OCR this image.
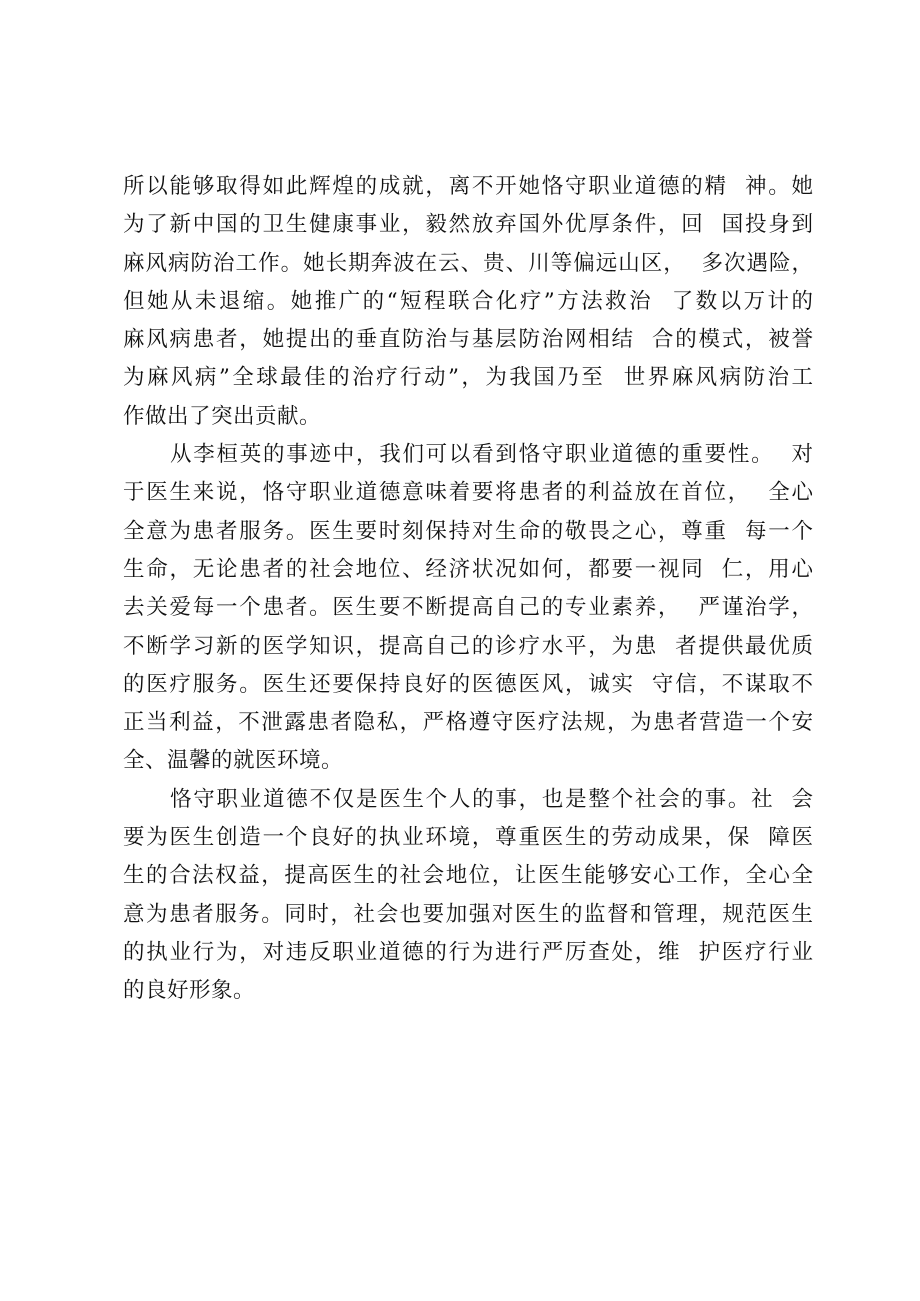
所以能够取得如此辉煌的成就，离不开她恪守职业道德的精  神。她
为了新中国的卫生健康事业，毅然放弃国外优厚条件，回  国投身到
麻风病防治工作。她长期奔波在云、贵、川等偏远山区，  多次遇险，
但她从未退缩。她推广的“短程联合化疗”方法救治  了数以万计的
麻风病患者，她提出的垂直防治与基层防治网相结  合的模式，被誉
为麻风病”全球最佳的治疗行动”，为我国乃至  世界麻风病防治工
作做出了突出贡献。
从李桓英的事迹中，我们可以看到恪守职业道德的重要性。  对
于医生来说，恪守职业道德意味着要将患者的利益放在首位，  全心
全意为患者服务。医生要时刻保持对生命的敬畏之心，尊重  每一个
生命，无论患者的社会地位、经济状况如何，都要一视同  仁，用心
去关爱每一个患者。医生要不断提高自己的专业素养，  严谨治学，
不断学习新的医学知识，提高自己的诊疗水平，为患  者提供最优质
的医疗服务。医生还要保持良好的医德医风，诚实  守信，不谋取不
正当利益，不泄露患者隐私，严格遵守医疗法规，为患者营造一个安
全、温馨的就医环境。
恪守职业道德不仅是医生个人的事，也是整个社会的事。社  会
要为医生创造一个良好的执业环境，尊重医生的劳动成果，保  障医
生的合法权益，提高医生的社会地位，让医生能够安心工作，全心全
意为患者服务。同时，社会也要加强对医生的监督和管理，规范医生
的执业行为，对违反职业道德的行为进行严厉查处，维  护医疗行业
的良好形象。
